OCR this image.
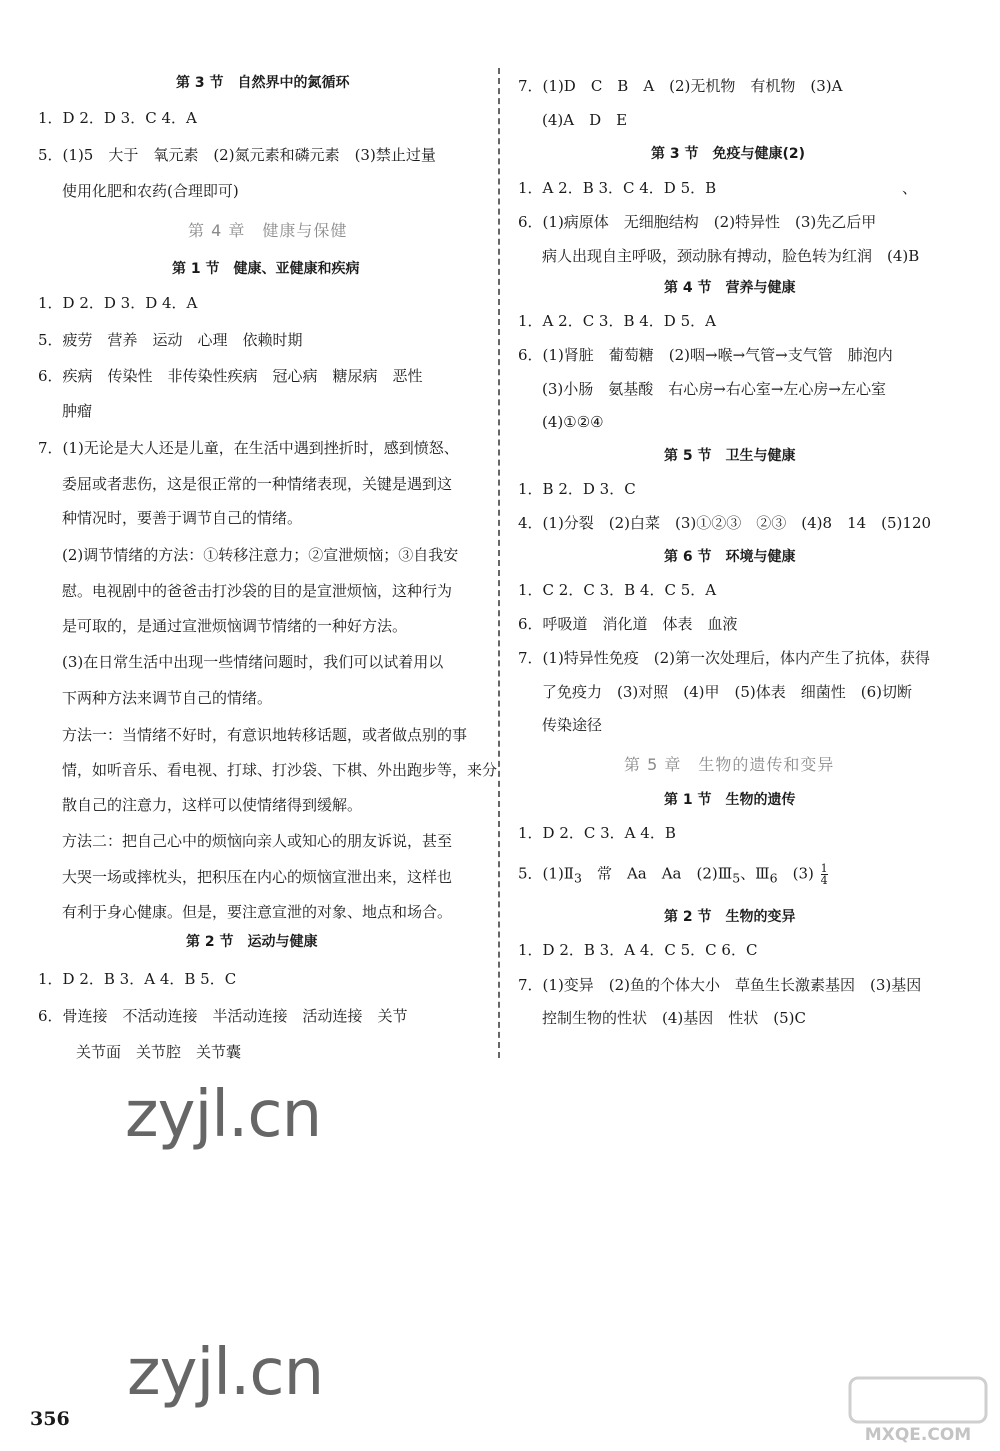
第 3 节　自然界中的氮循环
1．D 2．D 3．C 4．A
5．(1)5　大于　氧元素　(2)氮元素和磷元素　(3)禁止过量
使用化肥和农药(合理即可)
第 4 章　健康与保健
第 1 节　健康、亚健康和疾病
1．D 2．D 3．D 4．A
5．疲劳　营养　运动　心理　依赖时期
6．疾病　传染性　非传染性疾病　冠心病　糖尿病　恶性
肿瘤
7．(1)无论是大人还是儿童，在生活中遇到挫折时，感到愤怒、
委屈或者悲伤，这是很正常的一种情绪表现，关键是遇到这
种情况时，要善于调节自己的情绪。
(2)调节情绪的方法：①转移注意力；②宣泄烦恼；③自我安
慰。电视剧中的爸爸击打沙袋的目的是宣泄烦恼，这种行为
是可取的，是通过宣泄烦恼调节情绪的一种好方法。
(3)在日常生活中出现一些情绪问题时，我们可以试着用以
下两种方法来调节自己的情绪。
方法一：当情绪不好时，有意识地转移话题，或者做点别的事
情，如听音乐、看电视、打球、打沙袋、下棋、外出跑步等，来分
散自己的注意力，这样可以使情绪得到缓解。
方法二：把自己心中的烦恼向亲人或知心的朋友诉说，甚至
大哭一场或摔枕头，把积压在内心的烦恼宣泄出来，这样也
有利于身心健康。但是，要注意宣泄的对象、地点和场合。
第 2 节　运动与健康
1．D 2．B 3．A 4．B 5．C
6．骨连接　不活动连接　半活动连接　活动连接　关节
关节面　关节腔　关节囊
7．(1)D　C　B　A　(2)无机物　有机物　(3)A
(4)A　D　E
第 3 节　免疫与健康(2)
1．A 2．B 3．C 4．D 5．B	、
6．(1)病原体　无细胞结构　(2)特异性　(3)先乙后甲
病人出现自主呼吸，颈动脉有搏动，脸色转为红润　(4)B
第 4 节　营养与健康
1．A 2．C 3．B 4．D 5．A
6．(1)肾脏　葡萄糖　(2)咽→喉→气管→支气管　肺泡内
(3)小肠　氨基酸　右心房→右心室→左心房→左心室
(4)①②④
第 5 节　卫生与健康
1．B 2．D 3．C
4．(1)分裂　(2)白菜　(3)①②③　②③　(4)8　14　(5)120
第 6 节　环境与健康
1．C 2．C 3．B 4．C 5．A
6．呼吸道　消化道　体表　血液
7．(1)特异性免疫　(2)第一次处理后，体内产生了抗体，获得
了免疫力　(3)对照　(4)甲　(5)体表　细菌性　(6)切断
传染途径
第 5 章　生物的遗传和变异
第 1 节　生物的遗传
1．D 2．C 3．A 4．B
5．$(1)Ⅱ_3$　常　Aa　Aa　$(2)Ⅲ_5$、$Ⅲ_6$　$(3) \frac{1}{4}$
第 2 节　生物的变异
1．D 2．B 3．A 4．C 5．C 6．C
7．(1)变异　(2)鱼的个体大小　草鱼生长激素基因　(3)基因
控制生物的性状　(4)基因　性状　(5)C
zyjl.cn
zyjl.cn
356
MXQE.COM
